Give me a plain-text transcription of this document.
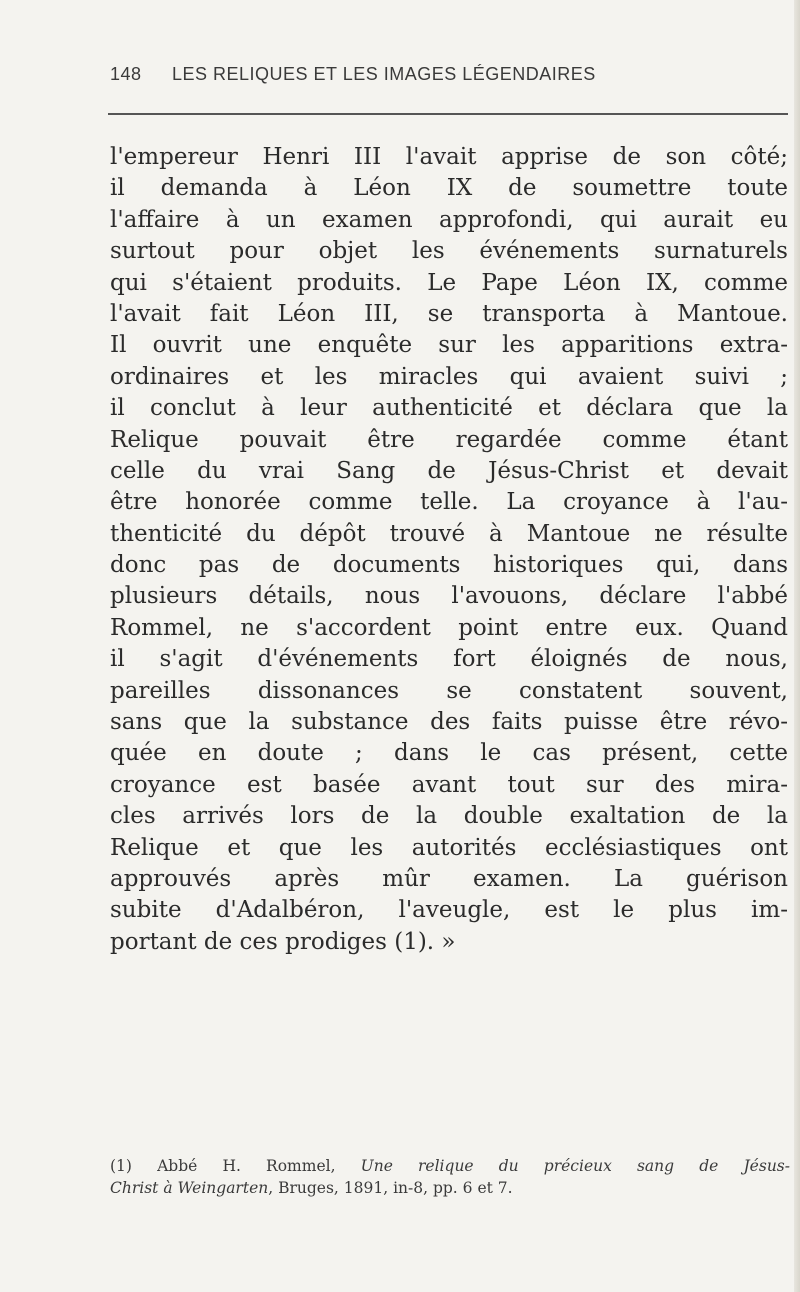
148 LES RELIQUES ET LES IMAGES LÉGENDAIRES
l'empereur Henri III l'avait apprise de son côté;
il demanda à Léon IX de soumettre toute
l'affaire à un examen approfondi, qui aurait eu
surtout pour objet les événements surnaturels
qui s'étaient produits. Le Pape Léon IX, comme
l'avait fait Léon III, se transporta à Mantoue.
Il ouvrit une enquête sur les apparitions extra-
ordinaires et les miracles qui avaient suivi ;
il conclut à leur authenticité et déclara que la
Relique pouvait être regardée comme étant
celle du vrai Sang de Jésus-Christ et devait
être honorée comme telle. La croyance à l'au-
thenticité du dépôt trouvé à Mantoue ne résulte
donc pas de documents historiques qui, dans
plusieurs détails, nous l'avouons, déclare l'abbé
Rommel, ne s'accordent point entre eux. Quand
il s'agit d'événements fort éloignés de nous,
pareilles dissonances se constatent souvent,
sans que la substance des faits puisse être révo-
quée en doute ; dans le cas présent, cette
croyance est basée avant tout sur des mira-
cles arrivés lors de la double exaltation de la
Relique et que les autorités ecclésiastiques ont
approuvés après mûr examen. La guérison
subite d'Adalbéron, l'aveugle, est le plus im-
portant de ces prodiges (1). »
(1) Abbé H. Rommel, Une relique du précieux sang de Jésus-
Christ à Weingarten, Bruges, 1891, in-8, pp. 6 et 7.
